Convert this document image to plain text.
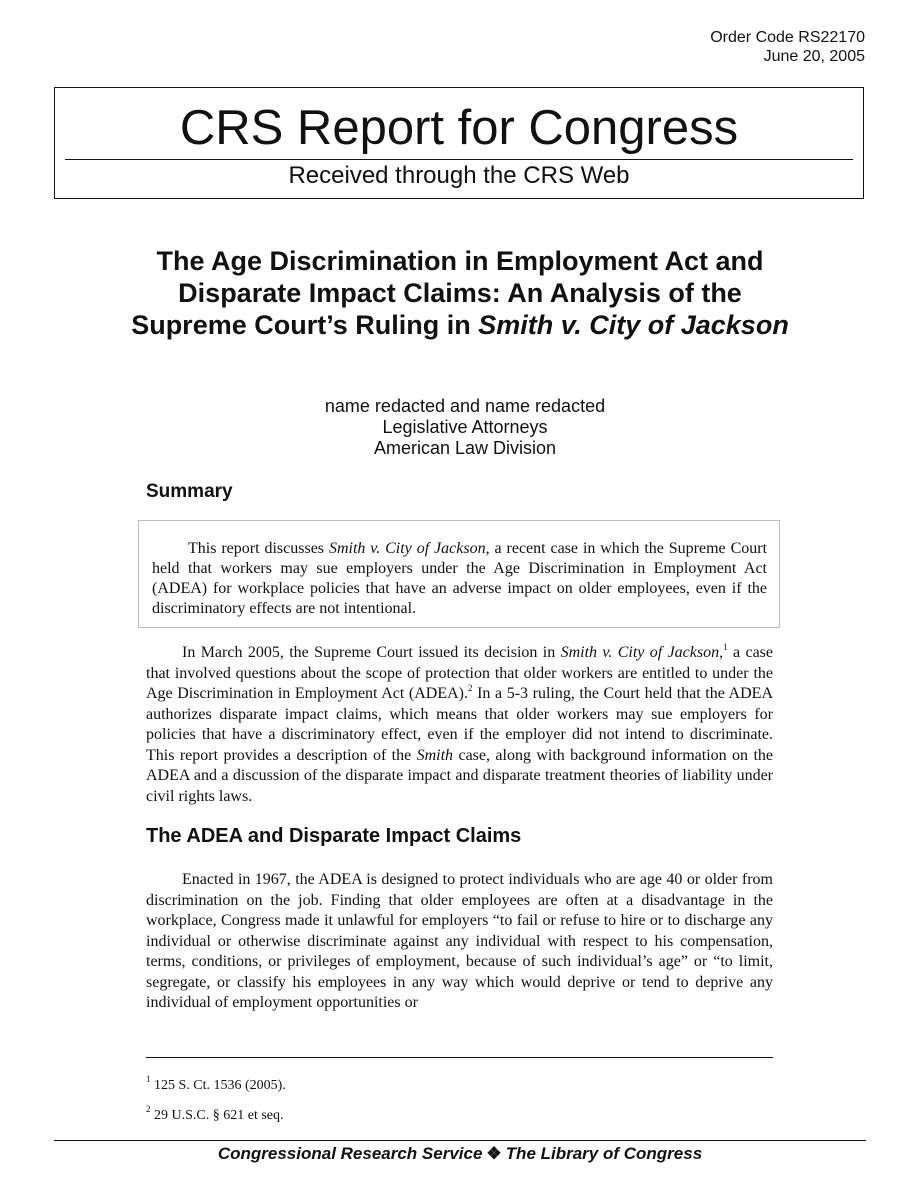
Order Code RS22170
June 20, 2005
CRS Report for Congress
Received through the CRS Web
The Age Discrimination in Employment Act and Disparate Impact Claims: An Analysis of the Supreme Court’s Ruling in Smith v. City of Jackson
name redacted and name redacted
Legislative Attorneys
American Law Division
Summary

This report discusses Smith v. City of Jackson, a recent case in which the Supreme Court held that workers may sue employers under the Age Discrimination in Employment Act (ADEA) for workplace policies that have an adverse impact on older employees, even if the discriminatory effects are not intentional.

In March 2005, the Supreme Court issued its decision in Smith v. City of Jackson,$^1$ a case that involved questions about the scope of protection that older workers are entitled to under the Age Discrimination in Employment Act (ADEA).$^2$ In a 5-3 ruling, the Court held that the ADEA authorizes disparate impact claims, which means that older workers may sue employers for policies that have a discriminatory effect, even if the employer did not intend to discriminate. This report provides a description of the Smith case, along with background information on the ADEA and a discussion of the disparate impact and disparate treatment theories of liability under civil rights laws.

The ADEA and Disparate Impact Claims

Enacted in 1967, the ADEA is designed to protect individuals who are age 40 or older from discrimination on the job. Finding that older employees are often at a disadvantage in the workplace, Congress made it unlawful for employers “to fail or refuse to hire or to discharge any individual or otherwise discriminate against any individual with respect to his compensation, terms, conditions, or privileges of employment, because of such individual’s age” or “to limit, segregate, or classify his employees in any way which would deprive or tend to deprive any individual of employment opportunities or

$^1$ 125 S. Ct. 1536 (2005).

$^2$ 29 U.S.C. § 621 et seq.

Congressional Research Service ❖ The Library of Congress
